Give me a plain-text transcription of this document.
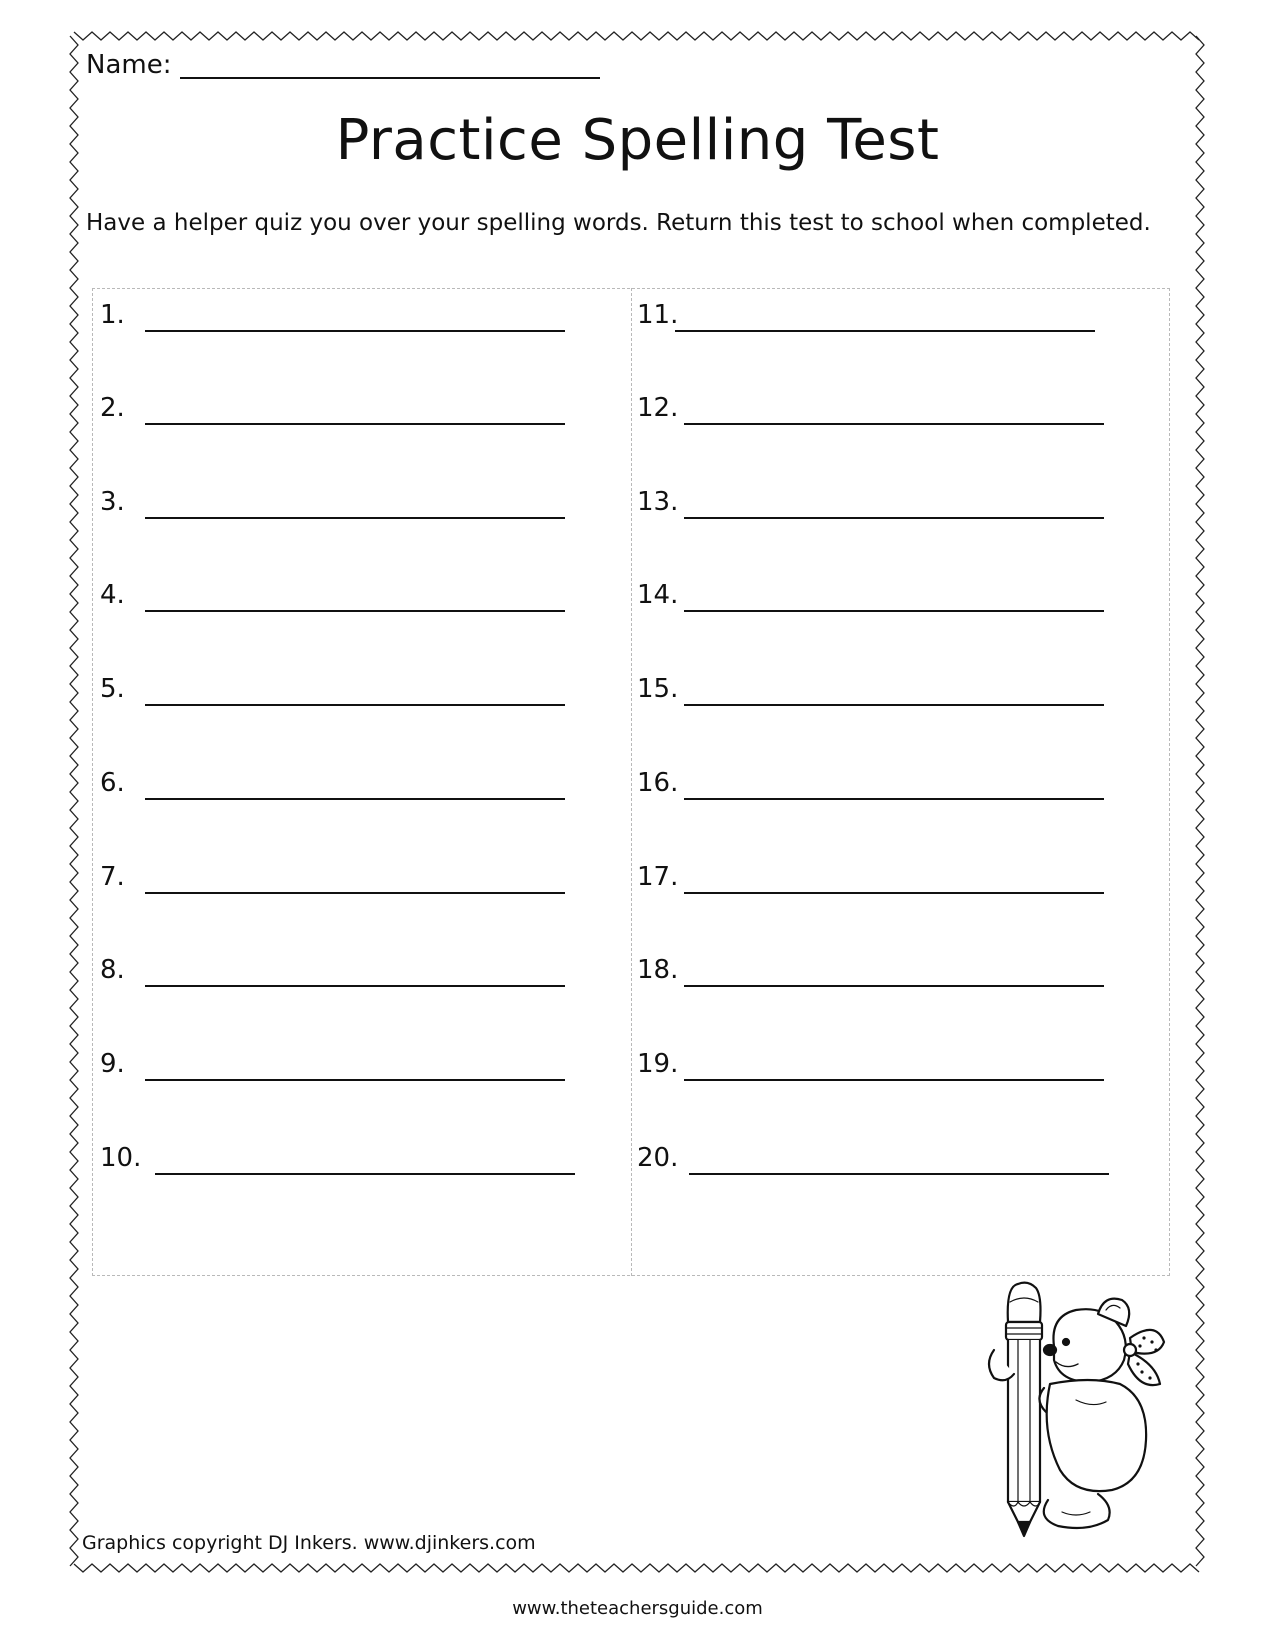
Name:
Practice Spelling Test
Have a helper quiz you over your spelling words. Return this test to school when completed.
1.
2.
3.
4.
5.
6.
7.
8.
9.
10.
11.
12.
13.
14.
15.
16.
17.
18.
19.
20.
Graphics copyright DJ Inkers. www.djinkers.com
www.theteachersguide.com
